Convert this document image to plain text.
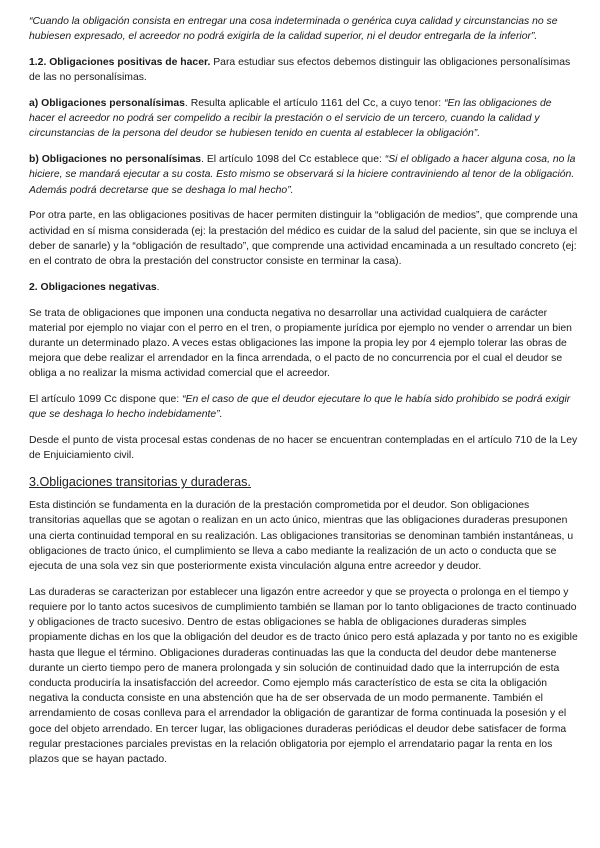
“Cuando la obligación consista en entregar una cosa indeterminada o genérica cuya calidad y circunstancias no se hubiesen expresado, el acreedor no podrá exigirla de la calidad superior, ni el deudor entregarla de la inferior”.

1.2. Obligaciones positivas de hacer. Para estudiar sus efectos debemos distinguir las obligaciones personalísimas de las no personalísimas.

a) Obligaciones personalísimas. Resulta aplicable el artículo 1161 del Cc, a cuyo tenor: “En las obligaciones de hacer el acreedor no podrá ser compelido a recibir la prestación o el servicio de un tercero, cuando la calidad y circunstancias de la persona del deudor se hubiesen tenido en cuenta al establecer la obligación”.

b) Obligaciones no personalísimas. El artículo 1098 del Cc establece que: “Si el obligado a hacer alguna cosa, no la hiciere, se mandará ejecutar a su costa. Esto mismo se observará si la hiciere contraviniendo al tenor de la obligación. Además podrá decretarse que se deshaga lo mal hecho”.

Por otra parte, en las obligaciones positivas de hacer permiten distinguir la “obligación de medios”, que comprende una actividad en sí misma considerada (ej: la prestación del médico es cuidar de la salud del paciente, sin que se incluya el deber de sanarle) y la “obligación de resultado”, que comprende una actividad encaminada a un resultado concreto (ej: en el contrato de obra la prestación del constructor consiste en terminar la casa).

2. Obligaciones negativas.

Se trata de obligaciones que imponen una conducta negativa no desarrollar una actividad cualquiera de carácter material por ejemplo no viajar con el perro en el tren, o propiamente jurídica por ejemplo no vender o arrendar un bien durante un determinado plazo. A veces estas obligaciones las impone la propia ley por 4 ejemplo tolerar las obras de mejora que debe realizar el arrendador en la finca arrendada, o el pacto de no concurrencia por el cual el deudor se obliga a no realizar la misma actividad comercial que el acreedor.

El artículo 1099 Cc dispone que: “En el caso de que el deudor ejecutare lo que le había sido prohibido se podrá exigir que se deshaga lo hecho indebidamente”.

Desde el punto de vista procesal estas condenas de no hacer se encuentran contempladas en el artículo 710 de la Ley de Enjuiciamiento civil.

3.Obligaciones transitorias y duraderas.

Esta distinción se fundamenta en la duración de la prestación comprometida por el deudor. Son obligaciones transitorias aquellas que se agotan o realizan en un acto único, mientras que las obligaciones duraderas presuponen una cierta continuidad temporal en su realización. Las obligaciones transitorias se denominan también instantáneas, u obligaciones de tracto único, el cumplimiento se lleva a cabo mediante la realización de un acto o conducta que se ejecuta de una sola vez sin que posteriormente exista vinculación alguna entre acreedor y deudor.

Las duraderas se caracterizan por establecer una ligazón entre acreedor y que se proyecta o prolonga en el tiempo y requiere por lo tanto actos sucesivos de cumplimiento también se llaman por lo tanto obligaciones de tracto continuado y obligaciones de tracto sucesivo. Dentro de estas obligaciones se habla de obligaciones duraderas simples propiamente dichas en los que la obligación del deudor es de tracto único pero está aplazada y por tanto no es exigible hasta que llegue el término. Obligaciones duraderas continuadas las que la conducta del deudor debe mantenerse durante un cierto tiempo pero de manera prolongada y sin solución de continuidad dado que la interrupción de esta conducta produciría la insatisfacción del acreedor. Como ejemplo más característico de esta se cita la obligación negativa la conducta consiste en una abstención que ha de ser observada de un modo permanente. También el arrendamiento de cosas conlleva para el arrendador la obligación de garantizar de forma continuada la posesión y el goce del objeto arrendado. En tercer lugar, las obligaciones duraderas periódicas el deudor debe satisfacer de forma regular prestaciones parciales previstas en la relación obligatoria por ejemplo el arrendatario pagar la renta en los plazos que se hayan pactado.
